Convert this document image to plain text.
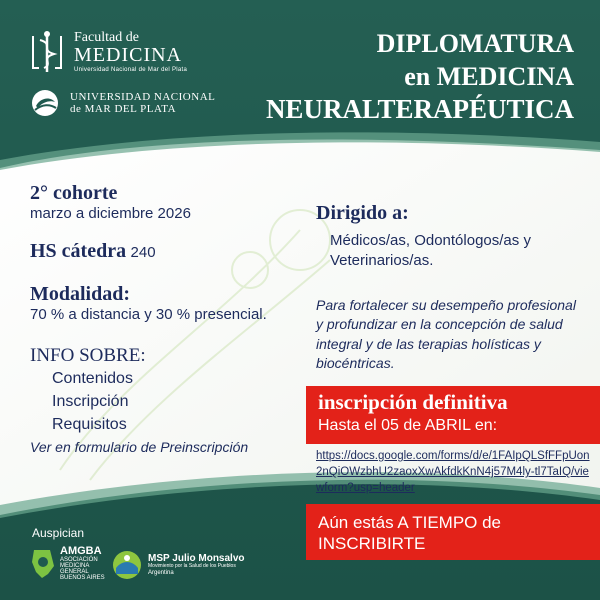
Facultad de
MEDICINA
Universidad Nacional de Mar del Plata
UNIVERSIDAD NACIONAL
de MAR DEL PLATA
DIPLOMATURA
en MEDICINA
NEURALTERAPÉUTICA
2° cohorte
marzo a diciembre 2026
HS cátedra 240
Modalidad:
70 % a distancia y 30 % presencial.
INFO SOBRE:
Contenidos
Inscripción
Requisitos
Ver en formulario de Preinscripción
Dirigido a:
Médicos/as, Odontólogos/as y
Veterinarios/as.
Para fortalecer su desempeño profesional y profundizar en la concepción de salud integral y de las terapias holísticas y biocéntricas.
inscripción definitiva
Hasta el 05 de ABRIL en:
https://docs.google.com/forms/d/e/1FAIpQLSfFFpUon2nQiOWzbhU2zaoxXwAkfdkKnN4j57M4ly-tl7TaIQ/viewform?usp=header
Aún estás A TIEMPO de
INSCRIBIRTE
Auspician
AMGBA
ASOCIACIÓN
MEDICINA
GENERAL
BUENOS AIRES
MSP Julio Monsalvo
Movimiento por la Salud de los Pueblos
Argentina
